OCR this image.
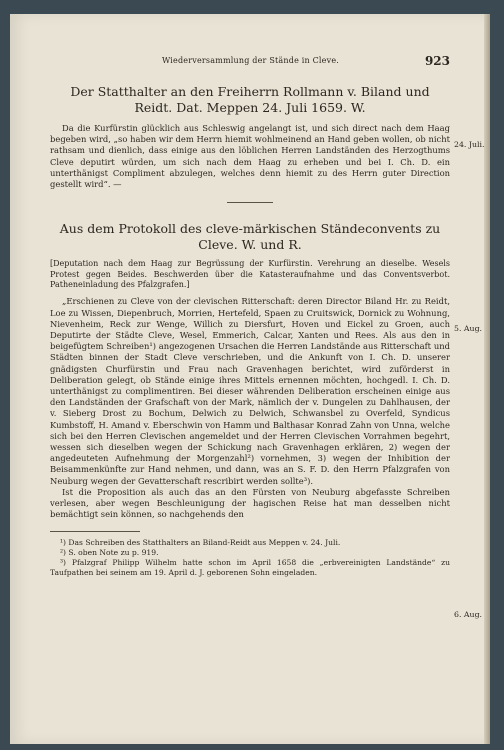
Wiederversammlung der Stände in Cleve.	923
Der Statthalter an den Freiherrn Rollmann v. Biland und
Reidt. Dat. Meppen 24. Juli 1659. W.

Da die Kurfürstin glücklich aus Schleswig angelangt ist, und sich direct nach dem Haag begeben wird, „so haben wir dem Herrn hiemit wohlmeinend an Hand geben wollen, ob nicht rathsam und dienlich, dass einige aus den löblichen Herren Landständen des Herzogthums Cleve deputirt würden, um sich nach dem Haag zu erheben und bei I. Ch. D. ein unterthänigst Compliment abzulegen, welches denn hiemit zu des Herrn guter Direction gestellt wird“. —

Aus dem Protokoll des cleve-märkischen Ständeconvents zu
Cleve. W. und R.

[Deputation nach dem Haag zur Begrüssung der Kurfürstin. Verehrung an dieselbe. Wesels Protest gegen Beides. Beschwerden über die Katasteraufnahme und das Conventsverbot. Patheneinladung des Pfalzgrafen.]

„Erschienen zu Cleve von der clevischen Ritterschaft: deren Director Biland Hr. zu Reidt, Loe zu Wissen, Diepenbruch, Morrien, Hertefeld, Spaen zu Cruitswick, Dornick zu Wohnung, Nievenheim, Reck zur Wenge, Willich zu Diersfurt, Hoven und Eickel zu Groen, auch Deputirte der Städte Cleve, Wesel, Emmerich, Calcar, Xanten und Rees. Als aus den in beigefügtem Schreiben¹) angezogenen Ursachen die Herren Landstände aus Ritterschaft und Städten binnen der Stadt Cleve verschrieben, und die Ankunft von I. Ch. D. unserer gnädigsten Churfürstin und Frau nach Gravenhagen berichtet, wird zuförderst in Deliberation gelegt, ob Stände einige ihres Mittels ernennen möchten, hochgedl. I. Ch. D. unterthänigst zu complimentiren. Bei dieser währenden Deliberation erscheinen einige aus den Landständen der Grafschaft von der Mark, nämlich der v. Dungelen zu Dahlhausen, der v. Sieberg Drost zu Bochum, Delwich zu Delwich, Schwansbel zu Overfeld, Syndicus Kumbstoff, H. Amand v. Eberschwin von Hamm und Balthasar Konrad Zahn von Unna, welche sich bei den Herren Clevischen angemeldet und der Herren Clevischen Vorrahmen begehrt, wessen sich dieselben wegen der Schickung nach Gravenhagen erklären, 2) wegen der angedeuteten Aufnehmung der Morgenzahl²) vornehmen, 3) wegen der Inhibition der Beisammenkünfte zur Hand nehmen, und dann, was an S. F. D. den Herrn Pfalzgrafen von Neuburg wegen der Gevatterschaft rescribirt werden sollte³).

Ist die Proposition als auch das an den Fürsten von Neuburg abgefasste Schreiben verlesen, aber wegen Beschleunigung der hagischen Reise hat man desselben nicht bemächtigt sein können, so nachgehends den

¹) Das Schreiben des Statthalters an Biland-Reidt aus Meppen v. 24. Juli.

²) S. oben Note zu p. 919.

³) Pfalzgraf Philipp Wilhelm hatte schon im April 1658 die „erbvereinigten Landstände“ zu Taufpathen bei seinem am 19. April d. J. geborenen Sohn eingeladen.

24. Juli.
5. Aug.
6. Aug.
